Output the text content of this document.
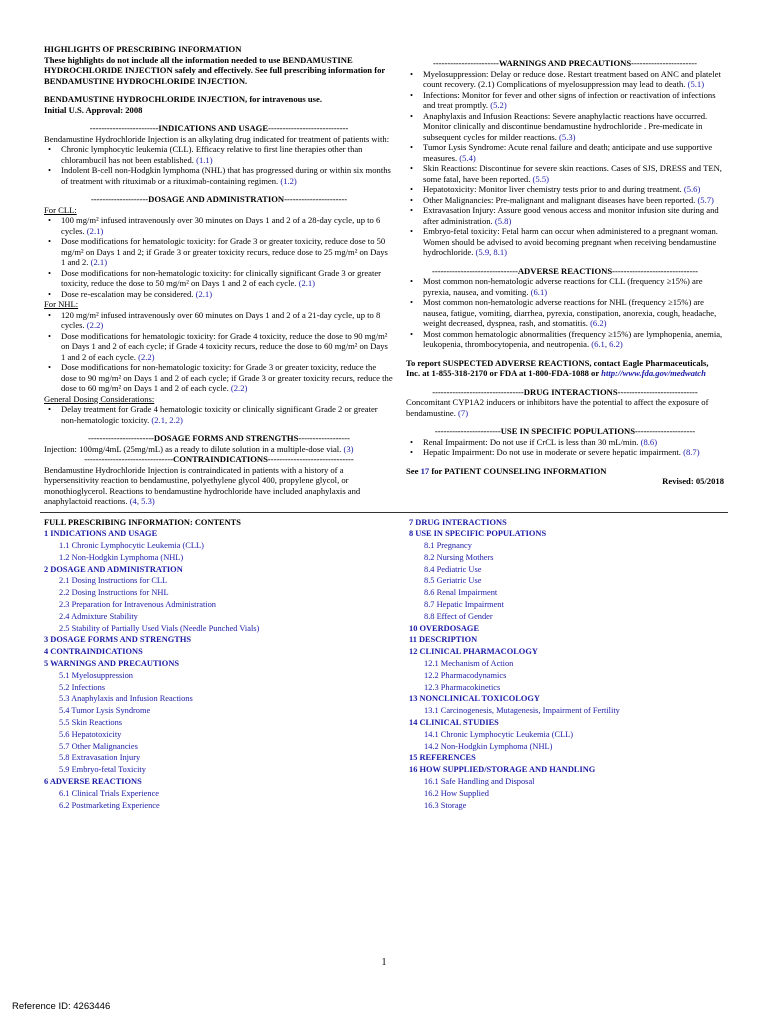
HIGHLIGHTS OF PRESCRIBING INFORMATION

These highlights do not include all the information needed to use BENDAMUSTINE HYDROCHLORIDE INJECTION safely and effectively. See full prescribing information for BENDAMUSTINE HYDROCHLORIDE INJECTION.

BENDAMUSTINE HYDROCHLORIDE INJECTION, for intravenous use.

Initial U.S. Approval: 2008

------------------------INDICATIONS AND USAGE----------------------------

Bendamustine Hydrochloride Injection is an alkylating drug indicated for treatment of patients with:

• Chronic lymphocytic leukemia (CLL). Efficacy relative to first line therapies other than chlorambucil has not been established. (1.1)
• Indolent B-cell non-Hodgkin lymphoma (NHL) that has progressed during or within six months of treatment with rituximab or a rituximab-containing regimen. (1.2)

--------------------DOSAGE AND ADMINISTRATION----------------------

For CLL:

• 100 mg/m² infused intravenously over 30 minutes on Days 1 and 2 of a 28-day cycle, up to 6 cycles. (2.1)
• Dose modifications for hematologic toxicity: for Grade 3 or greater toxicity, reduce dose to 50 mg/m² on Days 1 and 2; if Grade 3 or greater toxicity recurs, reduce dose to 25 mg/m² on Days 1 and 2. (2.1)
• Dose modifications for non-hematologic toxicity: for clinically significant Grade 3 or greater toxicity, reduce the dose to 50 mg/m² on Days 1 and 2 of each cycle. (2.1)
• Dose re-escalation may be considered. (2.1)

For NHL:

• 120 mg/m² infused intravenously over 60 minutes on Days 1 and 2 of a 21-day cycle, up to 8 cycles. (2.2)
• Dose modifications for hematologic toxicity: for Grade 4 toxicity, reduce the dose to 90 mg/m² on Days 1 and 2 of each cycle; if Grade 4 toxicity recurs, reduce the dose to 60 mg/m² on Days 1 and 2 of each cycle. (2.2)
• Dose modifications for non-hematologic toxicity: for Grade 3 or greater toxicity, reduce the dose to 90 mg/m² on Days 1 and 2 of each cycle; if Grade 3 or greater toxicity recurs, reduce the dose to 60 mg/m² on Days 1 and 2 of each cycle. (2.2)

General Dosing Considerations:

• Delay treatment for Grade 4 hematologic toxicity or clinically significant Grade 2 or greater non-hematologic toxicity. (2.1, 2.2)

-----------------------DOSAGE FORMS AND STRENGTHS------------------

Injection: 100mg/4mL (25mg/mL) as a ready to dilute solution in a multiple-dose vial. (3)

-------------------------------CONTRAINDICATIONS------------------------------

Bendamustine Hydrochloride Injection is contraindicated in patients with a history of a hypersensitivity reaction to bendamustine, polyethylene glycol 400, propylene glycol, or monothioglycerol. Reactions to bendamustine hydrochloride have included anaphylaxis and anaphylactoid reactions. (4, 5.3)

-----------------------WARNINGS AND PRECAUTIONS-----------------------

• Myelosuppression: Delay or reduce dose. Restart treatment based on ANC and platelet count recovery. (2.1) Complications of myelosuppression may lead to death. (5.1)
• Infections: Monitor for fever and other signs of infection or reactivation of infections and treat promptly. (5.2)
• Anaphylaxis and Infusion Reactions: Severe anaphylactic reactions have occurred. Monitor clinically and discontinue bendamustine hydrochloride . Pre-medicate in subsequent cycles for milder reactions. (5.3)
• Tumor Lysis Syndrome: Acute renal failure and death; anticipate and use supportive measures. (5.4)
• Skin Reactions: Discontinue for severe skin reactions. Cases of SJS, DRESS and TEN, some fatal, have been reported. (5.5)
• Hepatotoxicity: Monitor liver chemistry tests prior to and during treatment. (5.6)
• Other Malignancies: Pre-malignant and malignant diseases have been reported. (5.7)
• Extravasation Injury: Assure good venous access and monitor infusion site during and after administration. (5.8)
• Embryo-fetal toxicity: Fetal harm can occur when administered to a pregnant woman. Women should be advised to avoid becoming pregnant when receiving bendamustine hydrochloride. (5.9, 8.1)

------------------------------ADVERSE REACTIONS------------------------------

• Most common non-hematologic adverse reactions for CLL (frequency ≥15%) are pyrexia, nausea, and vomiting. (6.1)
• Most common non-hematologic adverse reactions for NHL (frequency ≥15%) are nausea, fatigue, vomiting, diarrhea, pyrexia, constipation, anorexia, cough, headache, weight decreased, dyspnea, rash, and stomatitis. (6.2)
• Most common hematologic abnormalities (frequency ≥15%) are lymphopenia, anemia, leukopenia, thrombocytopenia, and neutropenia. (6.1, 6.2)

To report SUSPECTED ADVERSE REACTIONS, contact Eagle Pharmaceuticals, Inc. at 1-855-318-2170 or FDA at 1-800-FDA-1088 or http://www.fda.gov/medwatch

--------------------------------DRUG INTERACTIONS----------------------------

Concomitant CYP1A2 inducers or inhibitors have the potential to affect the exposure of bendamustine. (7)

-----------------------USE IN SPECIFIC POPULATIONS---------------------

• Renal Impairment: Do not use if CrCL is less than 30 mL/min. (8.6)
• Hepatic Impairment: Do not use in moderate or severe hepatic impairment. (8.7)

See 17 for PATIENT COUNSELING INFORMATION

Revised: 05/2018

FULL PRESCRIBING INFORMATION: CONTENTS
1 INDICATIONS AND USAGE
1.1 Chronic Lymphocytic Leukemia (CLL)
1.2 Non-Hodgkin Lymphoma (NHL)
2 DOSAGE AND ADMINISTRATION
2.1 Dosing Instructions for CLL
2.2 Dosing Instructions for NHL
2.3 Preparation for Intravenous Administration
2.4 Admixture Stability
2.5 Stability of Partially Used Vials (Needle Punched Vials)
3 DOSAGE FORMS AND STRENGTHS
4 CONTRAINDICATIONS
5 WARNINGS AND PRECAUTIONS
5.1 Myelosuppression
5.2 Infections
5.3 Anaphylaxis and Infusion Reactions
5.4 Tumor Lysis Syndrome
5.5 Skin Reactions
5.6 Hepatotoxicity
5.7 Other Malignancies
5.8 Extravasation Injury
5.9 Embryo-fetal Toxicity
6 ADVERSE REACTIONS
6.1 Clinical Trials Experience
6.2 Postmarketing Experience
7 DRUG INTERACTIONS
8 USE IN SPECIFIC POPULATIONS
8.1 Pregnancy
8.2 Nursing Mothers
8.4 Pediatric Use
8.5 Geriatric Use
8.6 Renal Impairment
8.7 Hepatic Impairment
8.8 Effect of Gender
10 OVERDOSAGE
11 DESCRIPTION
12 CLINICAL PHARMACOLOGY
12.1 Mechanism of Action
12.2 Pharmacodynamics
12.3 Pharmacokinetics
13 NONCLINICAL TOXICOLOGY
13.1 Carcinogenesis, Mutagenesis, Impairment of Fertility
14 CLINICAL STUDIES
14.1 Chronic Lymphocytic Leukemia (CLL)
14.2 Non-Hodgkin Lymphoma (NHL)
15 REFERENCES
16 HOW SUPPLIED/STORAGE AND HANDLING
16.1 Safe Handling and Disposal
16.2 How Supplied
16.3 Storage
1
Reference ID: 4263446
